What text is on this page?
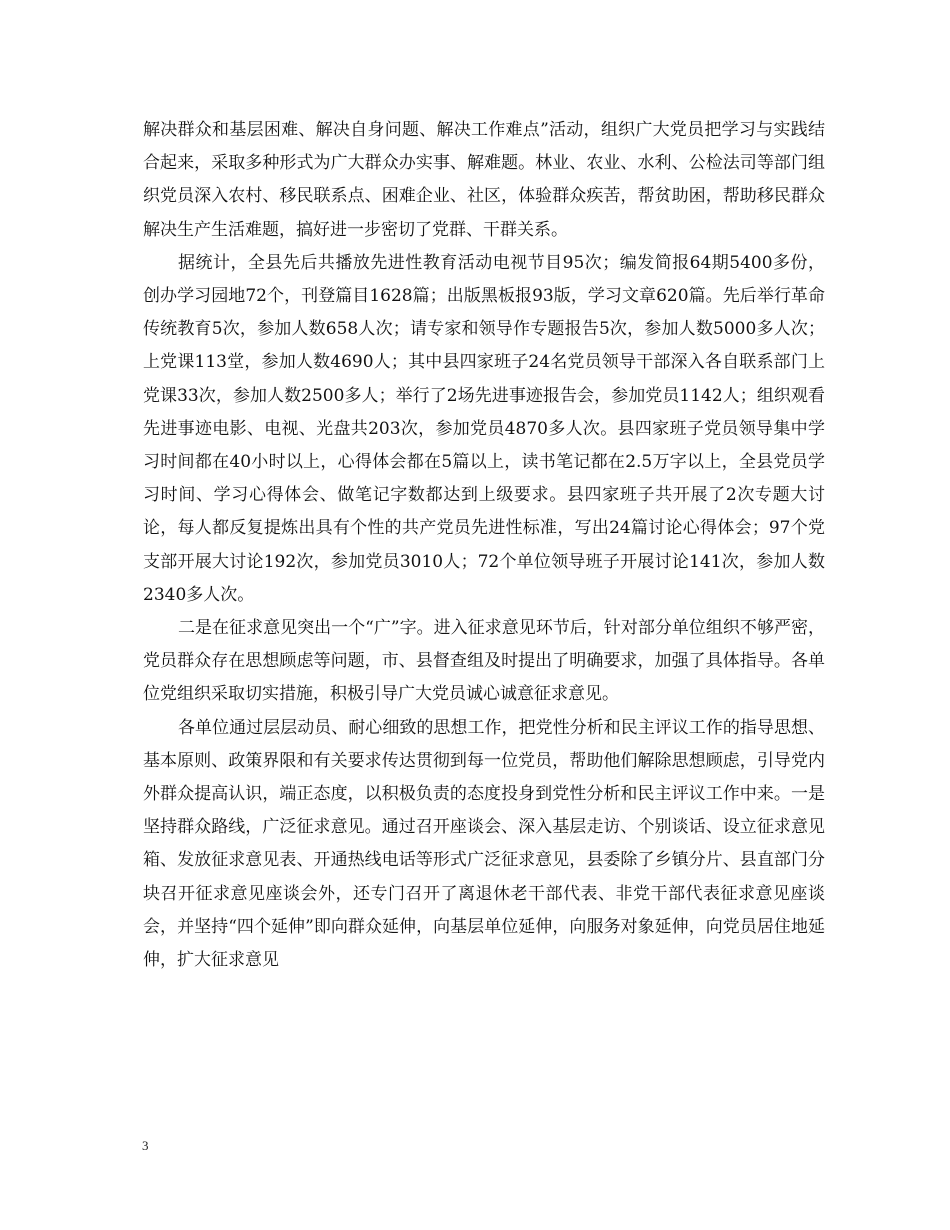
解决群众和基层困难、解决自身问题、解决工作难点”活动，组织广大党员把学习与实践结合起来，采取多种形式为广大群众办实事、解难题。林业、农业、水利、公检法司等部门组织党员深入农村、移民联系点、困难企业、社区，体验群众疾苦，帮贫助困，帮助移民群众解决生产生活难题，搞好进一步密切了党群、干群关系。

据统计，全县先后共播放先进性教育活动电视节目95次；编发简报64期5400多份，创办学习园地72个，刊登篇目1628篇；出版黑板报93版，学习文章620篇。先后举行革命传统教育5次，参加人数658人次；请专家和领导作专题报告5次，参加人数5000多人次；上党课113堂，参加人数4690人；其中县四家班子24名党员领导干部深入各自联系部门上党课33次，参加人数2500多人；举行了2场先进事迹报告会，参加党员1142人；组织观看先进事迹电影、电视、光盘共203次，参加党员4870多人次。县四家班子党员领导集中学习时间都在40小时以上，心得体会都在5篇以上，读书笔记都在2.5万字以上，全县党员学习时间、学习心得体会、做笔记字数都达到上级要求。县四家班子共开展了2次专题大讨论，每人都反复提炼出具有个性的共产党员先进性标准，写出24篇讨论心得体会；97个党支部开展大讨论192次，参加党员3010人；72个单位领导班子开展讨论141次，参加人数2340多人次。

二是在征求意见突出一个“广”字。进入征求意见环节后，针对部分单位组织不够严密，党员群众存在思想顾虑等问题，市、县督查组及时提出了明确要求，加强了具体指导。各单位党组织采取切实措施，积极引导广大党员诚心诚意征求意见。

各单位通过层层动员、耐心细致的思想工作，把党性分析和民主评议工作的指导思想、基本原则、政策界限和有关要求传达贯彻到每一位党员，帮助他们解除思想顾虑，引导党内外群众提高认识，端正态度，以积极负责的态度投身到党性分析和民主评议工作中来。一是坚持群众路线，广泛征求意见。通过召开座谈会、深入基层走访、个别谈话、设立征求意见箱、发放征求意见表、开通热线电话等形式广泛征求意见，县委除了乡镇分片、县直部门分块召开征求意见座谈会外，还专门召开了离退休老干部代表、非党干部代表征求意见座谈会，并坚持“四个延伸”即向群众延伸，向基层单位延伸，向服务对象延伸，向党员居住地延伸，扩大征求意见

3
